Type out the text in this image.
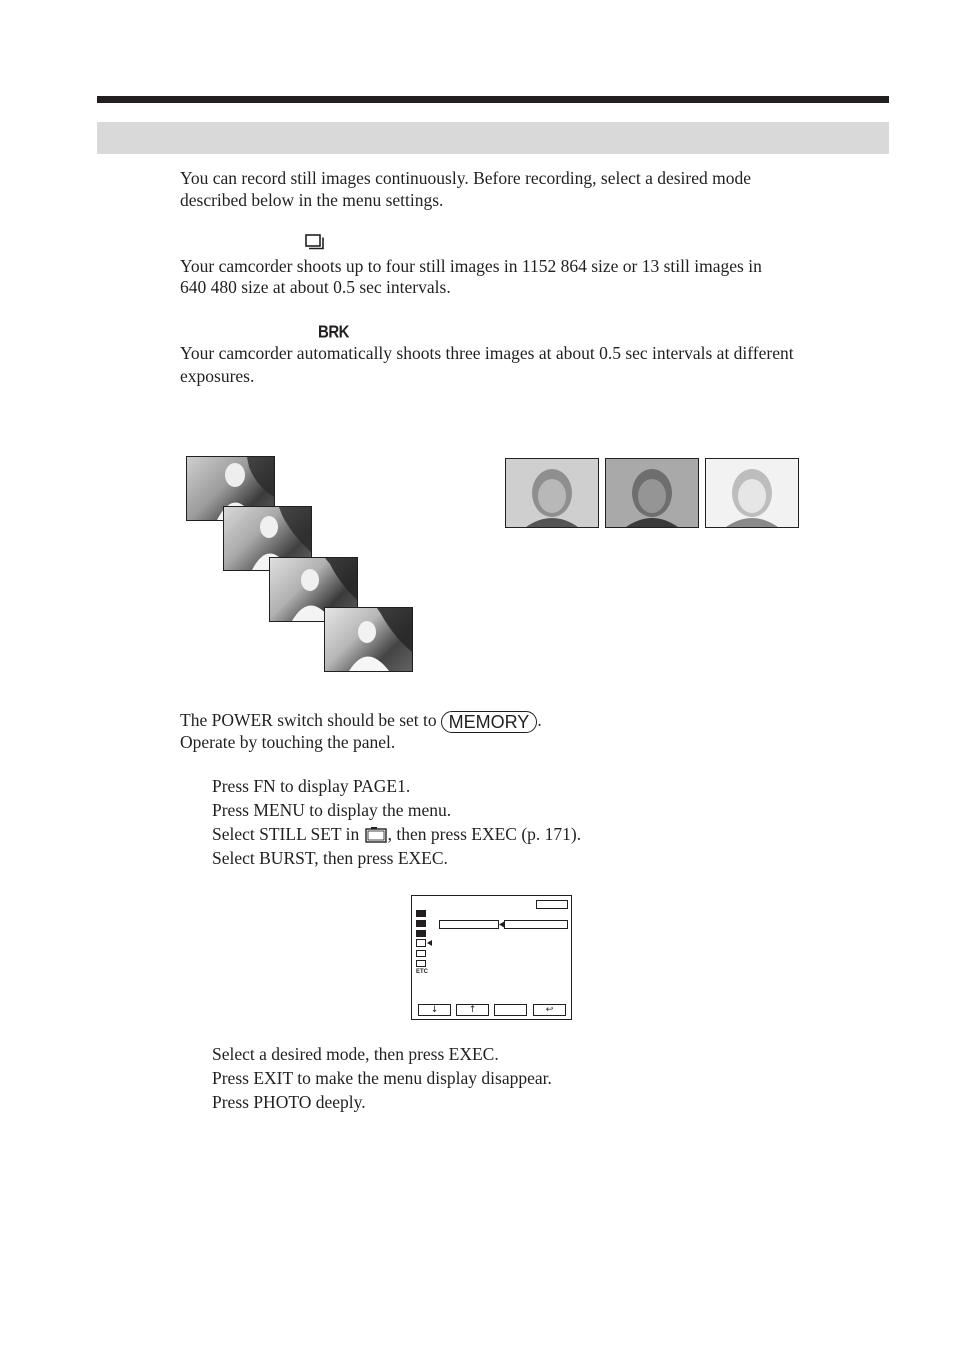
You can record still images continuously. Before recording, select a desired mode
described below in the menu settings.
Your camcorder shoots up to four still images in 1152 864 size or 13 still images in
640 480 size at about 0.5 sec intervals.
BRK
Your camcorder automatically shoots three images at about 0.5 sec intervals at different
exposures.
The POWER switch should be set to MEMORY .
Operate by touching the panel.
Press FN to display PAGE1.
Press MENU to display the menu.
Select STILL SET in , then press EXEC (p. 171).
Select BURST, then press EXEC.
ETC
↓	↑	↩
Select a desired mode, then press EXEC.
Press EXIT to make the menu display disappear.
Press PHOTO deeply.
